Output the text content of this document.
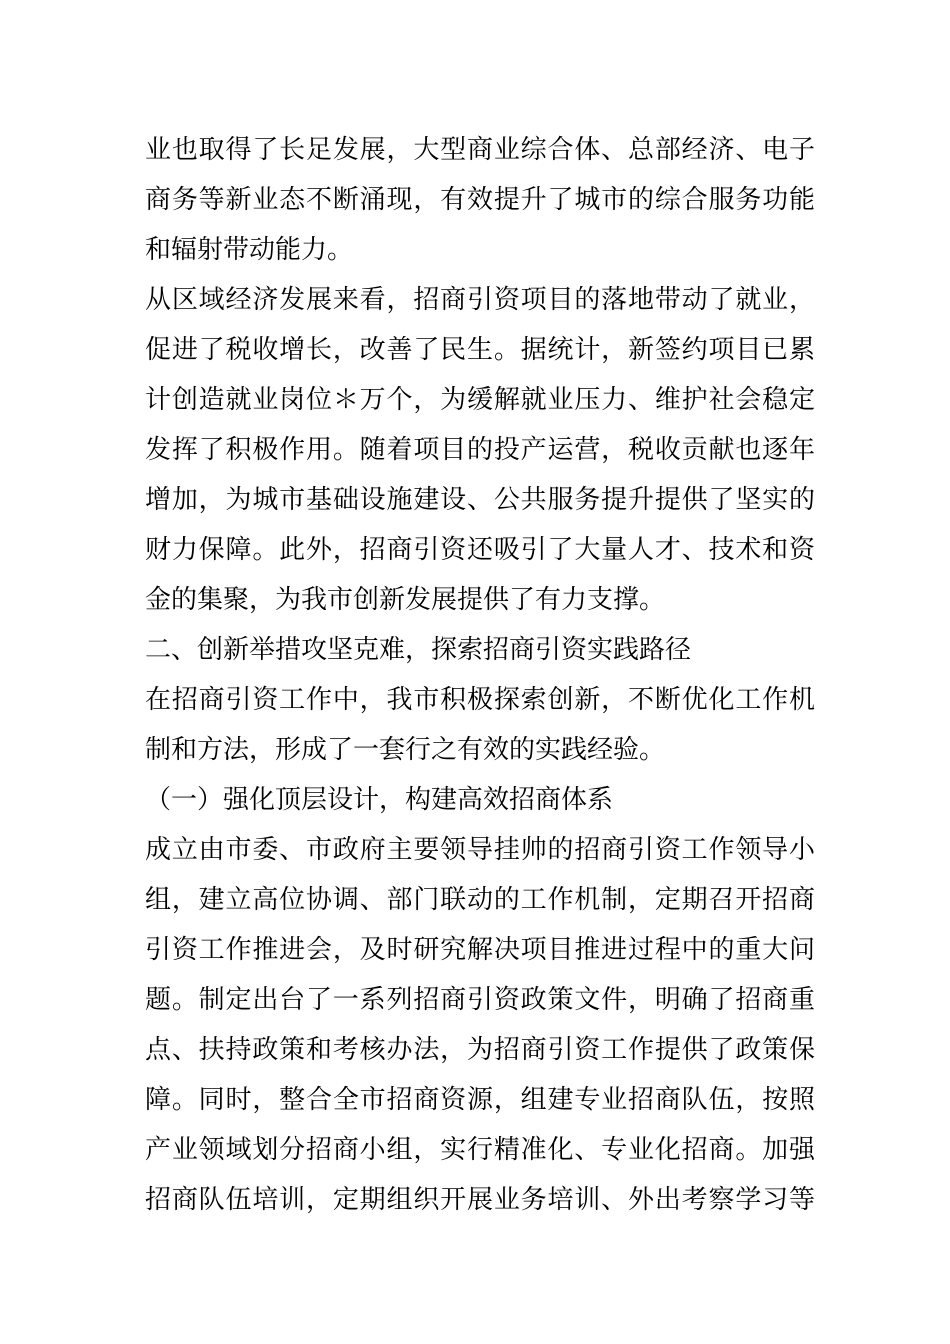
业也取得了长足发展，大型商业综合体、总部经济、电子
商务等新业态不断涌现，有效提升了城市的综合服务功能
和辐射带动能力。
从区域经济发展来看，招商引资项目的落地带动了就业，
促进了税收增长，改善了民生。据统计，新签约项目已累
计创造就业岗位＊万个，为缓解就业压力、维护社会稳定
发挥了积极作用。随着项目的投产运营，税收贡献也逐年
增加，为城市基础设施建设、公共服务提升提供了坚实的
财力保障。此外，招商引资还吸引了大量人才、技术和资
金的集聚，为我市创新发展提供了有力支撑。
二、创新举措攻坚克难，探索招商引资实践路径
在招商引资工作中，我市积极探索创新，不断优化工作机
制和方法，形成了一套行之有效的实践经验。
（一）强化顶层设计，构建高效招商体系
成立由市委、市政府主要领导挂帅的招商引资工作领导小
组，建立高位协调、部门联动的工作机制，定期召开招商
引资工作推进会，及时研究解决项目推进过程中的重大问
题。制定出台了一系列招商引资政策文件，明确了招商重
点、扶持政策和考核办法，为招商引资工作提供了政策保
障。同时，整合全市招商资源，组建专业招商队伍，按照
产业领域划分招商小组，实行精准化、专业化招商。加强
招商队伍培训，定期组织开展业务培训、外出考察学习等
